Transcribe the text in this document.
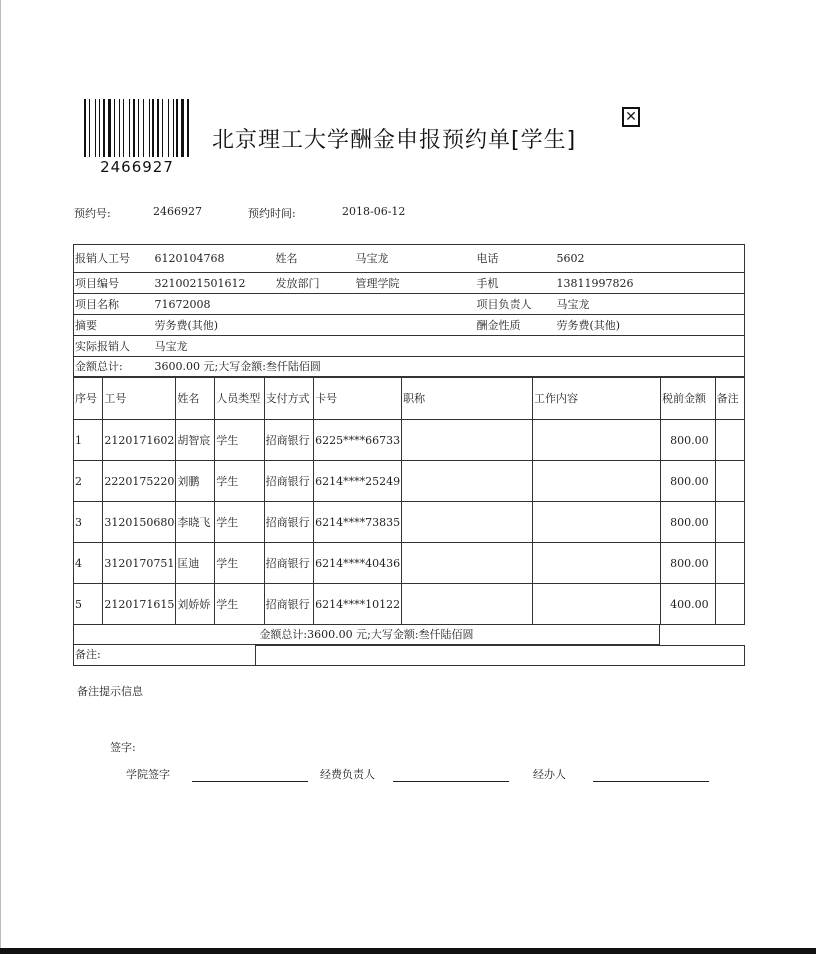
2466927
北京理工大学酬金申报预约单[学生]
✕
预约号:	2466927	预约时间:	2018-06-12
报销人工号	6120104768	姓名	马宝龙	电话	5602
项目编号	3210021501612	发放部门	管理学院	手机	13811997826
项目名称	71672008			项目负责人	马宝龙
摘要	劳务费(其他)			酬金性质	劳务费(其他)
实际报销人	马宝龙				
金额总计:	3600.00 元;大写金额:叁仟陆佰圆				
序号	工号	姓名	人员类型	支付方式	卡号	职称	工作内容	税前金额	备注
1	2120171602	胡智宸	学生	招商银行	6225****66733			800.00	
2	2220175220	刘鹏	学生	招商银行	6214****25249			800.00	
3	3120150680	李晓飞	学生	招商银行	6214****73835			800.00	
4	3120170751	匡迪	学生	招商银行	6214****40436			800.00	
5	2120171615	刘娇娇	学生	招商银行	6214****10122			400.00	
金额总计:3600.00 元;大写金额:叁仟陆佰圆
备注:
备注提示信息
签字:
学院签字	经费负责人	经办人
